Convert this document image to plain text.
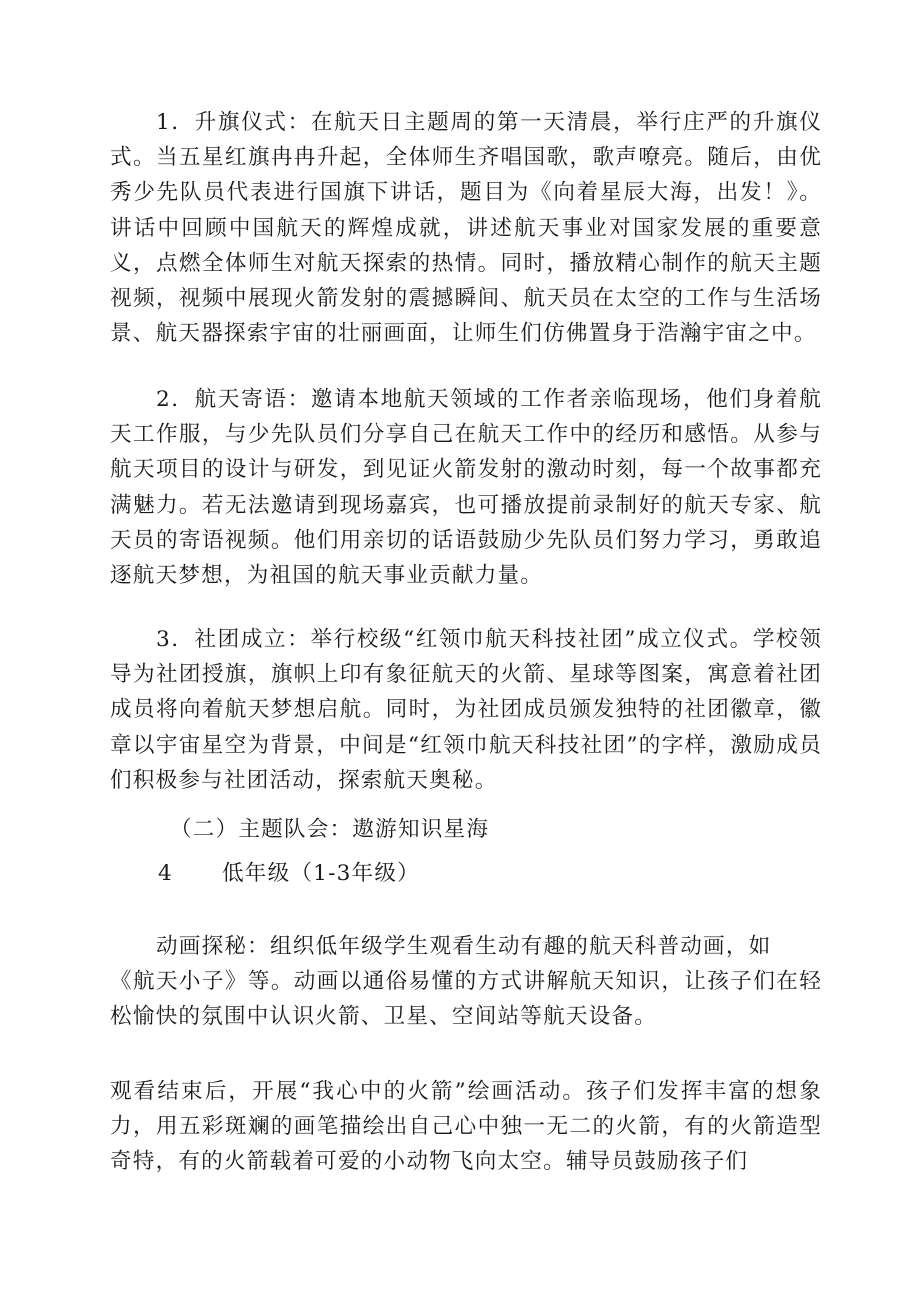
1．升旗仪式：在航天日主题周的第一天清晨，举行庄严的升旗仪式。当五星红旗冉冉升起，全体师生齐唱国歌，歌声嘹亮。随后，由优秀少先队员代表进行国旗下讲话，题目为《向着星辰大海，出发！》。讲话中回顾中国航天的辉煌成就，讲述航天事业对国家发展的重要意义，点燃全体师生对航天探索的热情。同时，播放精心制作的航天主题视频，视频中展现火箭发射的震撼瞬间、航天员在太空的工作与生活场景、航天器探索宇宙的壮丽画面，让师生们仿佛置身于浩瀚宇宙之中。

2．航天寄语：邀请本地航天领域的工作者亲临现场，他们身着航天工作服，与少先队员们分享自己在航天工作中的经历和感悟。从参与航天项目的设计与研发，到见证火箭发射的激动时刻，每一个故事都充满魅力。若无法邀请到现场嘉宾，也可播放提前录制好的航天专家、航天员的寄语视频。他们用亲切的话语鼓励少先队员们努力学习，勇敢追逐航天梦想，为祖国的航天事业贡献力量。

3．社团成立：举行校级“红领巾航天科技社团”成立仪式。学校领导为社团授旗，旗帜上印有象征航天的火箭、星球等图案，寓意着社团成员将向着航天梦想启航。同时，为社团成员颁发独特的社团徽章，徽章以宇宙星空为背景，中间是“红领巾航天科技社团”的字样，激励成员们积极参与社团活动，探索航天奥秘。

（二）主题队会：遨游知识星海

4 低年级（1-3年级）
动画探秘：组织低年级学生观看生动有趣的航天科普动画，如
《航天小子》等。动画以通俗易懂的方式讲解航天知识，让孩子们在轻松愉快的氛围中认识火箭、卫星、空间站等航天设备。

观看结束后，开展“我心中的火箭”绘画活动。孩子们发挥丰富的想象力，用五彩斑斓的画笔描绘出自己心中独一无二的火箭，有的火箭造型奇特，有的火箭载着可爱的小动物飞向太空。辅导员鼓励孩子们
